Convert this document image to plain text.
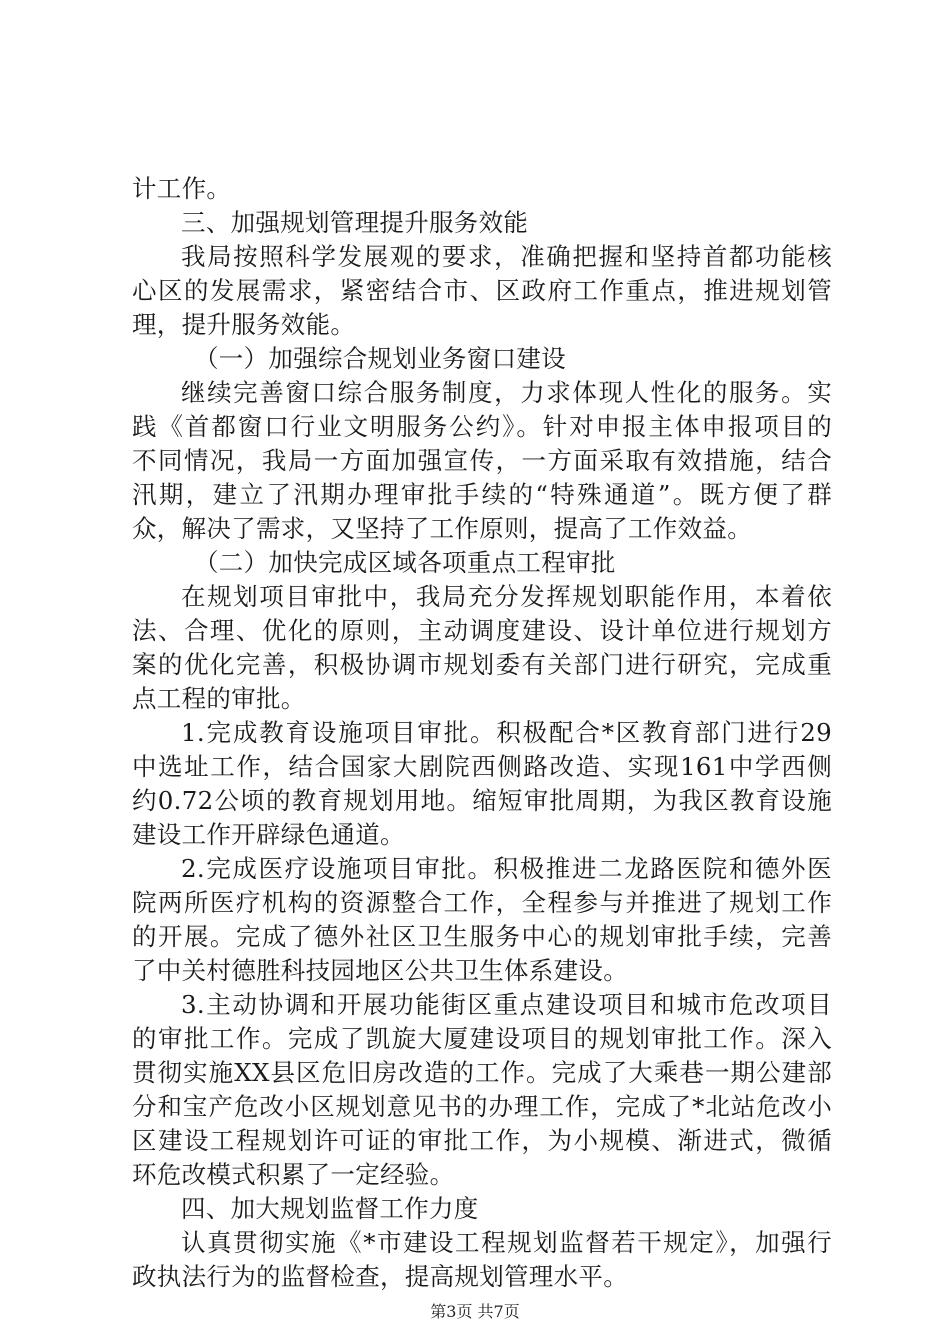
计工作。
三、加强规划管理提升服务效能
我局按照科学发展观的要求，准确把握和坚持首都功能核
心区的发展需求，紧密结合市、区政府工作重点，推进规划管
理，提升服务效能。
（一）加强综合规划业务窗口建设
继续完善窗口综合服务制度，力求体现人性化的服务。实
践《首都窗口行业文明服务公约》。针对申报主体申报项目的
不同情况，我局一方面加强宣传，一方面采取有效措施，结合
汛期，建立了汛期办理审批手续的“特殊通道”。既方便了群
众，解决了需求，又坚持了工作原则，提高了工作效益。
（二）加快完成区域各项重点工程审批
在规划项目审批中，我局充分发挥规划职能作用，本着依
法、合理、优化的原则，主动调度建设、设计单位进行规划方
案的优化完善，积极协调市规划委有关部门进行研究，完成重
点工程的审批。
1.完成教育设施项目审批。积极配合*区教育部门进行29
中选址工作，结合国家大剧院西侧路改造、实现161中学西侧
约0.72公顷的教育规划用地。缩短审批周期，为我区教育设施
建设工作开辟绿色通道。
2.完成医疗设施项目审批。积极推进二龙路医院和德外医
院两所医疗机构的资源整合工作，全程参与并推进了规划工作
的开展。完成了德外社区卫生服务中心的规划审批手续，完善
了中关村德胜科技园地区公共卫生体系建设。
3.主动协调和开展功能街区重点建设项目和城市危改项目
的审批工作。完成了凯旋大厦建设项目的规划审批工作。深入
贯彻实施XX县区危旧房改造的工作。完成了大乘巷一期公建部
分和宝产危改小区规划意见书的办理工作，完成了*北站危改小
区建设工程规划许可证的审批工作，为小规模、渐进式，微循
环危改模式积累了一定经验。
四、加大规划监督工作力度
认真贯彻实施《*市建设工程规划监督若干规定》，加强行
政执法行为的监督检查，提高规划管理水平。
第3页 共7页
